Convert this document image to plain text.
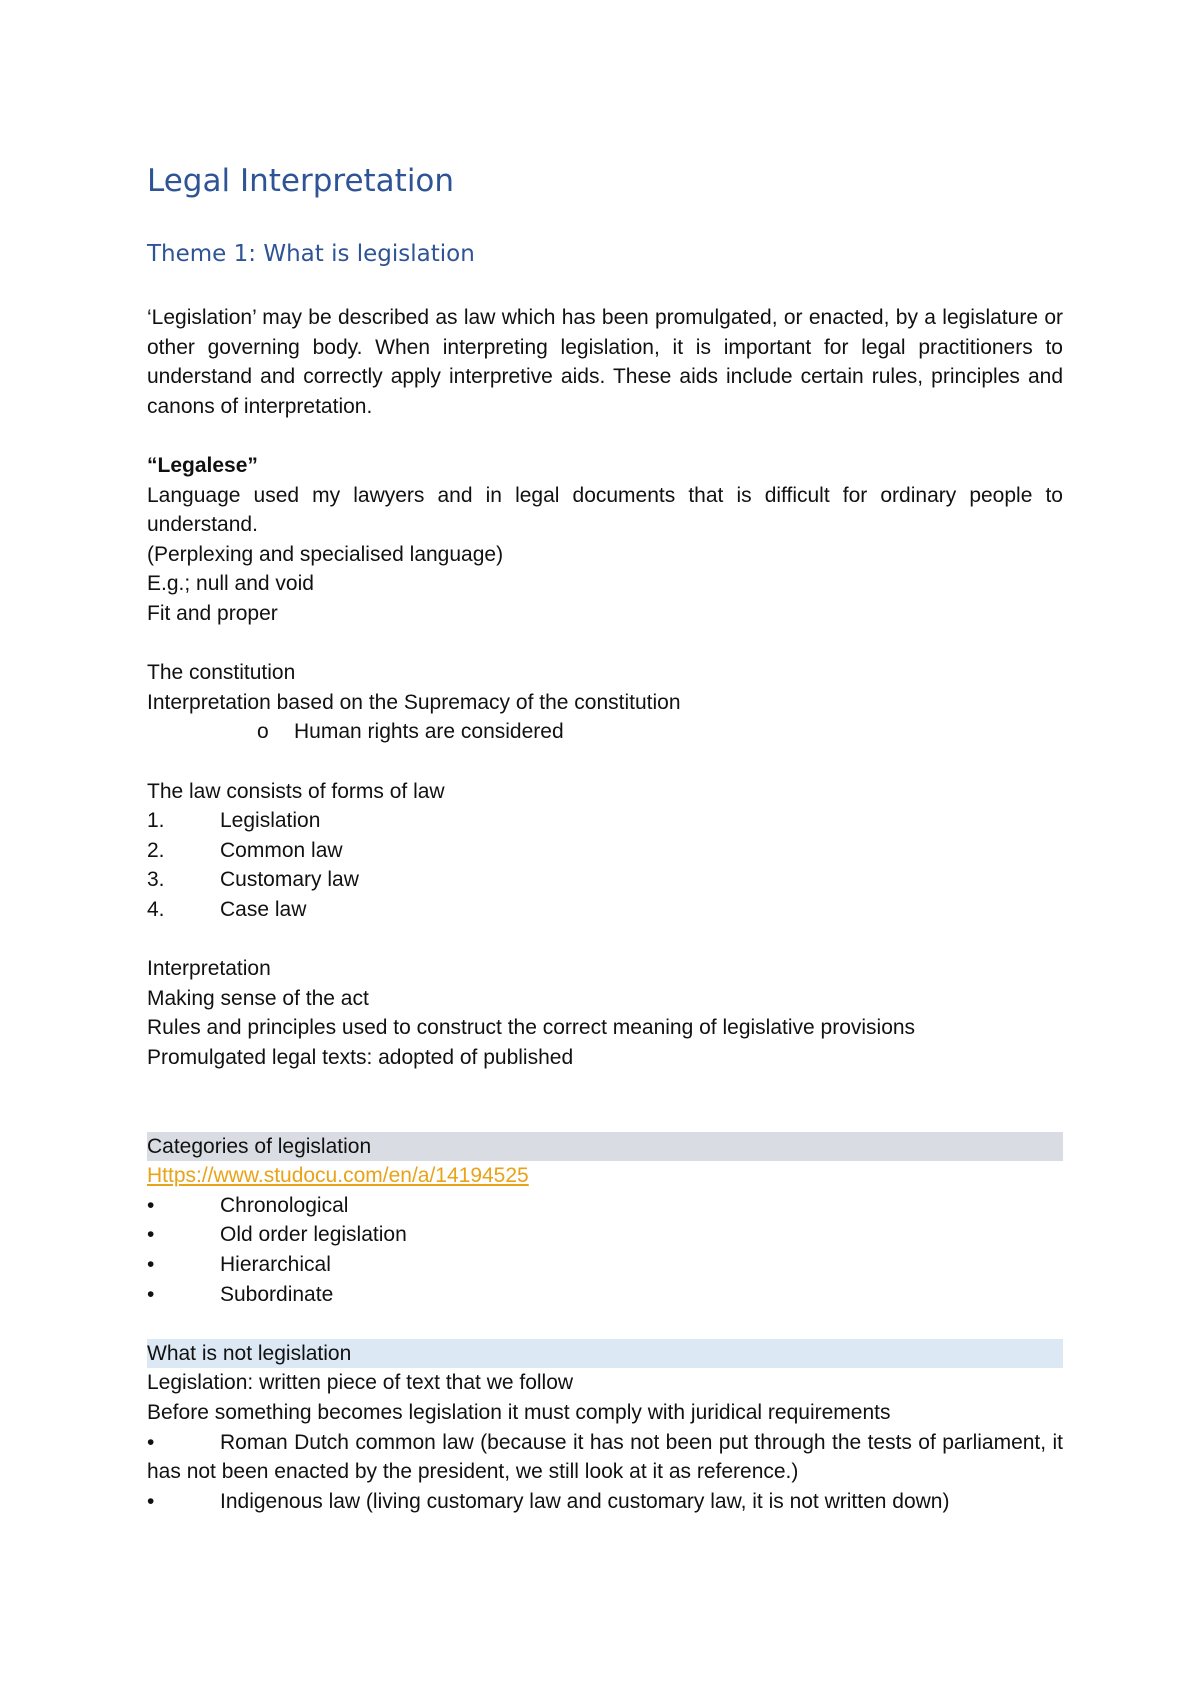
Legal Interpretation
Theme 1: What is legislation

‘Legislation’ may be described as law which has been promulgated, or enacted, by a legislature or other governing body. When interpreting legislation, it is important for legal practitioners to understand and correctly apply interpretive aids. These aids include certain rules, principles and canons of interpretation.

“Legalese”

Language used my lawyers and in legal documents that is difficult for ordinary people to understand.

(Perplexing and specialised language)

E.g.; null and void

Fit and proper

The constitution

Interpretation based on the Supremacy of the constitution

o	Human rights are considered

The law consists of forms of law

1.	Legislation
2.	Common law
3.	Customary law
4.	Case law

Interpretation

Making sense of the act

Rules and principles used to construct the correct meaning of legislative provisions

Promulgated legal texts: adopted of published

Categories of legislation

Https://www.studocu.com/en/a/14194525

•	Chronological
•	Old order legislation
•	Hierarchical
•	Subordinate

What is not legislation

Legislation: written piece of text that we follow

Before something becomes legislation it must comply with juridical requirements

•	Roman Dutch common law (because it has not been put through the tests of parliament, it has not been enacted by the president, we still look at it as reference.)
•	Indigenous law (living customary law and customary law, it is not written down)
